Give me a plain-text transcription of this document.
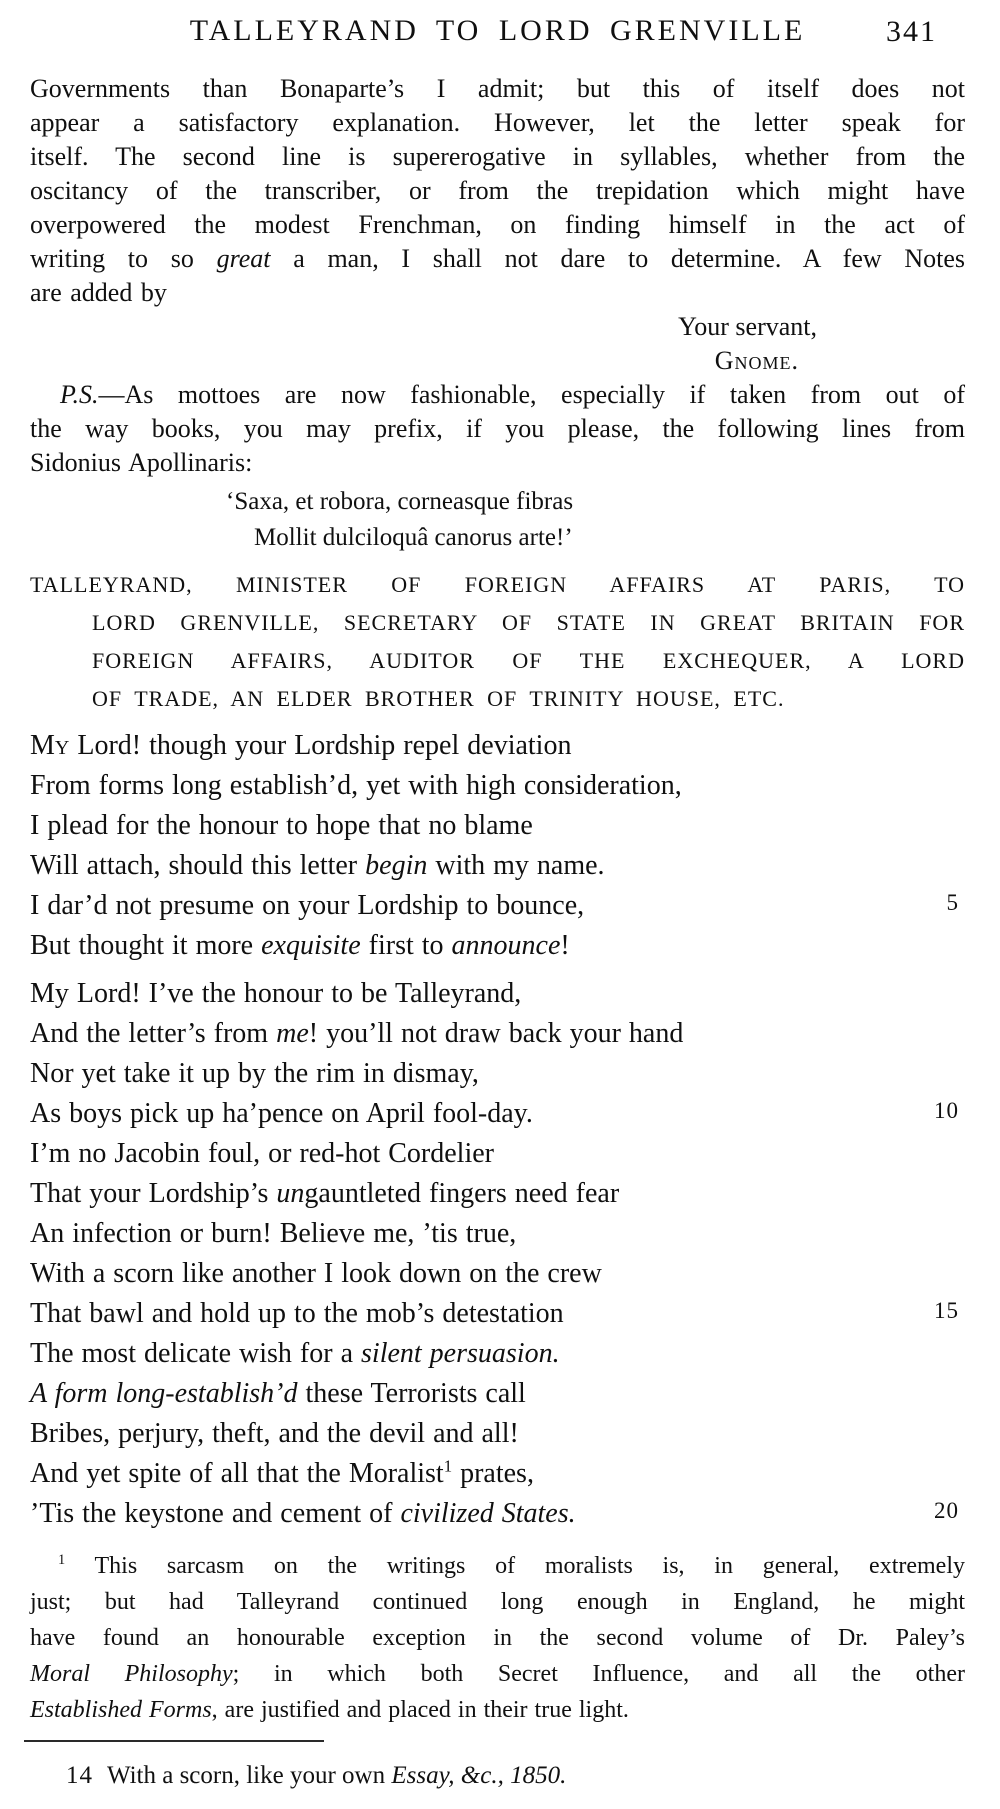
TALLEYRAND TO LORD GRENVILLE	341
Governments than Bonaparte’s I admit; but this of itself does not
appear a satisfactory explanation. However, let the letter speak for
itself. The second line is supererogative in syllables, whether from the
oscitancy of the transcriber, or from the trepidation which might have
overpowered the modest Frenchman, on finding himself in the act of
writing to so great a man, I shall not dare to determine. A few Notes
are added by
Your servant,
Gnome.
P.S.—As mottoes are now fashionable, especially if taken from out of
the way books, you may prefix, if you please, the following lines from
Sidonius Apollinaris:
‘Saxa, et robora, corneasque fibras
Mollit dulciloquâ canorus arte!’
TALLEYRAND, MINISTER OF FOREIGN AFFAIRS AT PARIS, TO
LORD GRENVILLE, SECRETARY OF STATE IN GREAT BRITAIN FOR
FOREIGN AFFAIRS, AUDITOR OF THE EXCHEQUER, A LORD
OF TRADE, AN ELDER BROTHER OF TRINITY HOUSE, ETC.
My Lord! though your Lordship repel deviation
From forms long establish’d, yet with high consideration,
I plead for the honour to hope that no blame
Will attach, should this letter begin with my name.
I dar’d not presume on your Lordship to bounce,	5
But thought it more exquisite first to announce!
My Lord! I’ve the honour to be Talleyrand,
And the letter’s from me! you’ll not draw back your hand
Nor yet take it up by the rim in dismay,
As boys pick up ha’pence on April fool-day.	10
I’m no Jacobin foul, or red-hot Cordelier
That your Lordship’s ungauntleted fingers need fear
An infection or burn! Believe me, ’tis true,
With a scorn like another I look down on the crew
That bawl and hold up to the mob’s detestation	15
The most delicate wish for a silent persuasion.
A form long-establish’d these Terrorists call
Bribes, perjury, theft, and the devil and all!
And yet spite of all that the Moralist$^1$ prates,
’Tis the keystone and cement of civilized States.	20
$^1$ This sarcasm on the writings of moralists is, in general, extremely
just; but had Talleyrand continued long enough in England, he might
have found an honourable exception in the second volume of Dr. Paley’s
Moral Philosophy; in which both Secret Influence, and all the other
Established Forms, are justified and placed in their true light.
14 With a scorn, like your own Essay, &c., 1850.
